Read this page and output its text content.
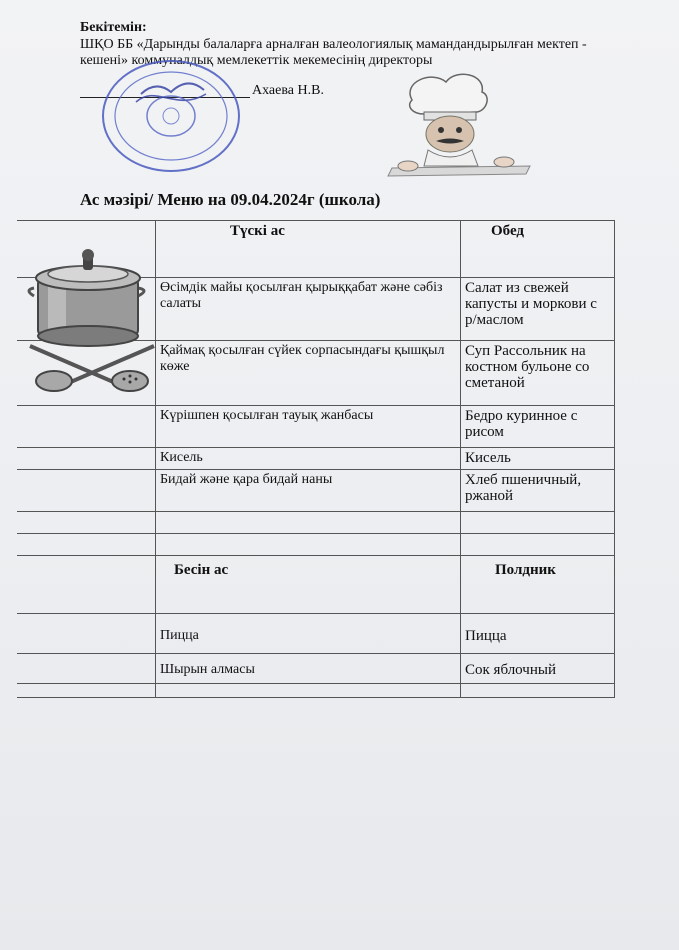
Бекітемін:
ШҚО ББ «Дарынды балаларға арналған валеологиялық мамандандырылған мектеп - кешені» коммуналдық мемлекеттік мекемесінің директоры
Ахаева Н.В.
Ас мәзірі/ Меню на 09.04.2024г (школа)
	Түскі ас	Обед
	Өсімдік майы қосылған қырыққабат және сәбіз салаты	Салат из свежей капусты и моркови с р/маслом
	Қаймақ қосылған сүйек сорпасындағы қышқыл көже	Суп Рассольник на костном бульоне со сметаной
	Күрішпен қосылған тауық жанбасы	Бедро куринное с рисом
	Кисель	Кисель
	Бидай және қара бидай наны	Хлеб пшеничный, ржаной

	Бесін ас	Полдник
	Пицца	Пицца
	Шырын алмасы	Сок яблочный
